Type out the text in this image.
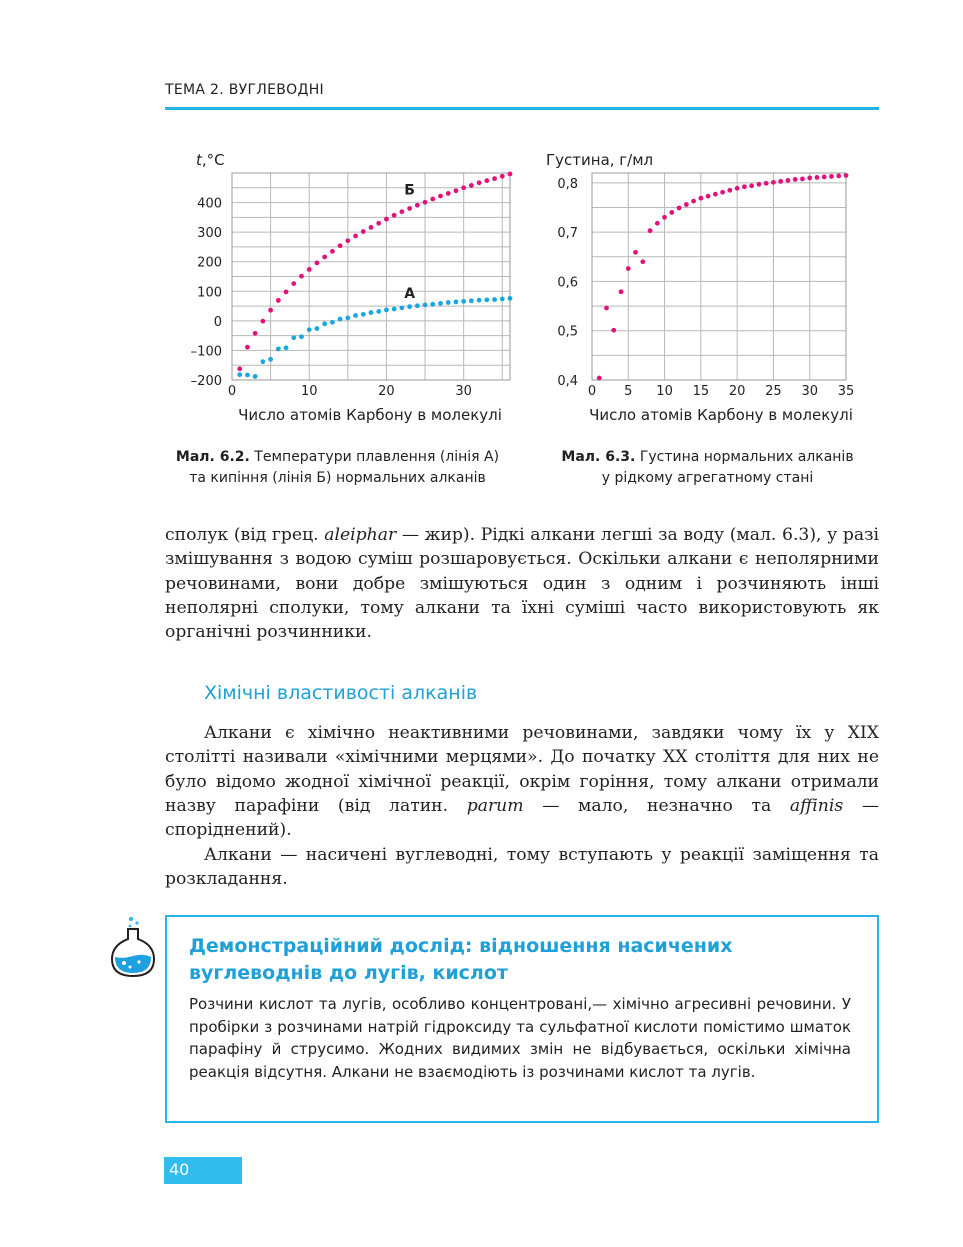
ТЕМА 2. ВУГЛЕВОДНІ
400
300
200
100
0
–100
–200
0	10	20	30
Число атомів Карбону в молекулі
t,°C
Б
А
0,8
0,7
0,6
0,5
0,4
0 5 10 15 20 25 30 35
Число атомів Карбону в молекулі
Густина, г/мл
Мал. 6.2. Температури плавлення (лінія А)
та кипіння (лінія Б) нормальних алканів
Мал. 6.3. Густина нормальних алканів
у рідкому агрегатному стані
сполук (від грец. aleiphar — жир). Рідкі алкани легші за воду (мал. 6.3), у разі змішування з водою суміш розшаровується. Оскільки алкани є неполярними речовинами, вони добре змішуються один з одним і розчиняють інші неполярні сполуки, тому алкани та їхні суміші часто використовують як органічні розчинники.
Хімічні властивості алканів
Алкани є хімічно неактивними речовинами, завдяки чому їх у XIX столітті називали «хімічними мерцями». До початку XX століття для них не було відомо жодної хімічної реакції, окрім горіння, тому алкани отримали назву парафіни (від латин. parum — мало, незначно та affinis — споріднений).
Алкани — насичені вуглеводні, тому вступають у реакції заміщення та розкладання.
Демонстраційний дослід: відношення насичених
вуглеводнів до лугів, кислот
Розчини кислот та лугів, особливо концентровані,— хімічно агресивні речовини. У пробірки з розчинами натрій гідроксиду та сульфатної кислоти помістимо шматок парафіну й струсимо. Жодних видимих змін не відбувається, оскільки хімічна реакція відсутня. Алкани не взаємодіють із розчинами кислот та лугів.
40
